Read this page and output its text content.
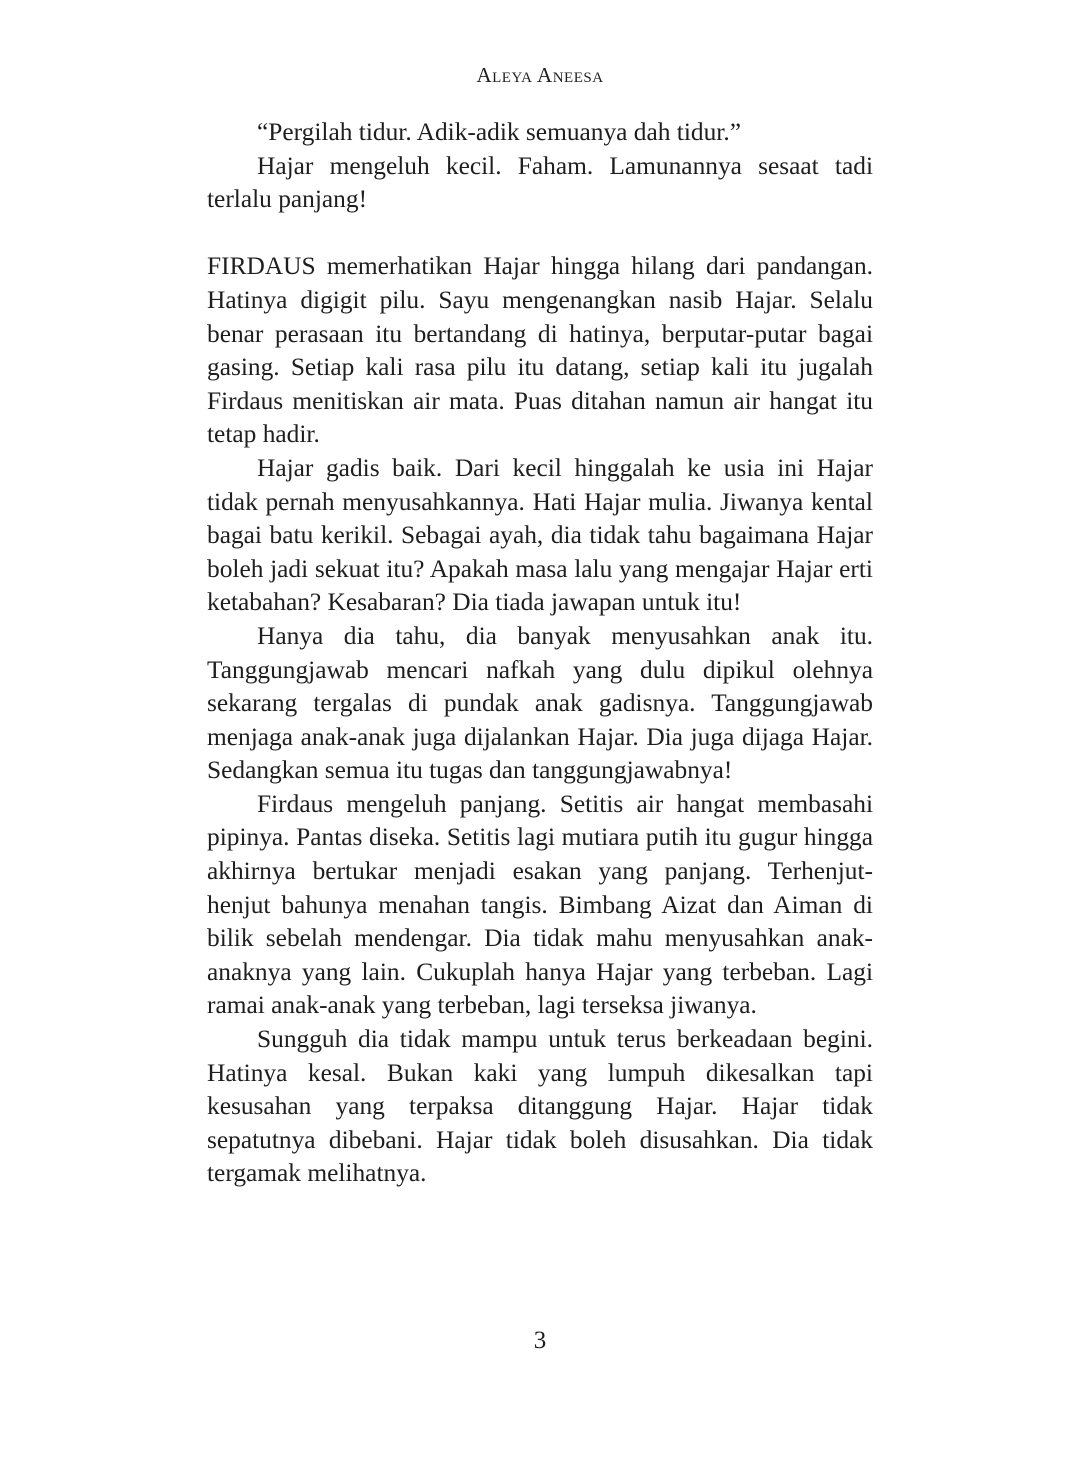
Aleya Aneesa

“Pergilah tidur. Adik-adik semuanya dah tidur.”

Hajar mengeluh kecil. Faham. Lamunannya sesaat tadi terlalu panjang!

FIRDAUS memerhatikan Hajar hingga hilang dari pandangan. Hatinya digigit pilu. Sayu mengenangkan nasib Hajar. Selalu benar perasaan itu bertandang di hatinya, berputar-putar bagai gasing. Setiap kali rasa pilu itu datang, setiap kali itu jugalah Firdaus menitiskan air mata. Puas ditahan namun air hangat itu tetap hadir.

Hajar gadis baik. Dari kecil hinggalah ke usia ini Hajar tidak pernah menyusahkannya. Hati Hajar mulia. Jiwanya kental bagai batu kerikil. Sebagai ayah, dia tidak tahu bagaimana Hajar boleh jadi sekuat itu? Apakah masa lalu yang mengajar Hajar erti ketabahan? Kesabaran? Dia tiada jawapan untuk itu!

Hanya dia tahu, dia banyak menyusahkan anak itu. Tanggungjawab mencari nafkah yang dulu dipikul olehnya sekarang tergalas di pundak anak gadisnya. Tanggungjawab menjaga anak-anak juga dijalankan Hajar. Dia juga dijaga Hajar. Sedangkan semua itu tugas dan tanggungjawabnya!

Firdaus mengeluh panjang. Setitis air hangat membasahi pipinya. Pantas diseka. Setitis lagi mutiara putih itu gugur hingga akhirnya bertukar menjadi esakan yang panjang. Terhenjut-henjut bahunya menahan tangis. Bimbang Aizat dan Aiman di bilik sebelah mendengar. Dia tidak mahu menyusahkan anak-anaknya yang lain. Cukuplah hanya Hajar yang terbeban. Lagi ramai anak-anak yang terbeban, lagi terseksa jiwanya.

Sungguh dia tidak mampu untuk terus berkeadaan begini. Hatinya kesal. Bukan kaki yang lumpuh dikesalkan tapi kesusahan yang terpaksa ditanggung Hajar. Hajar tidak sepatutnya dibebani. Hajar tidak boleh disusahkan. Dia tidak tergamak melihatnya.

3
